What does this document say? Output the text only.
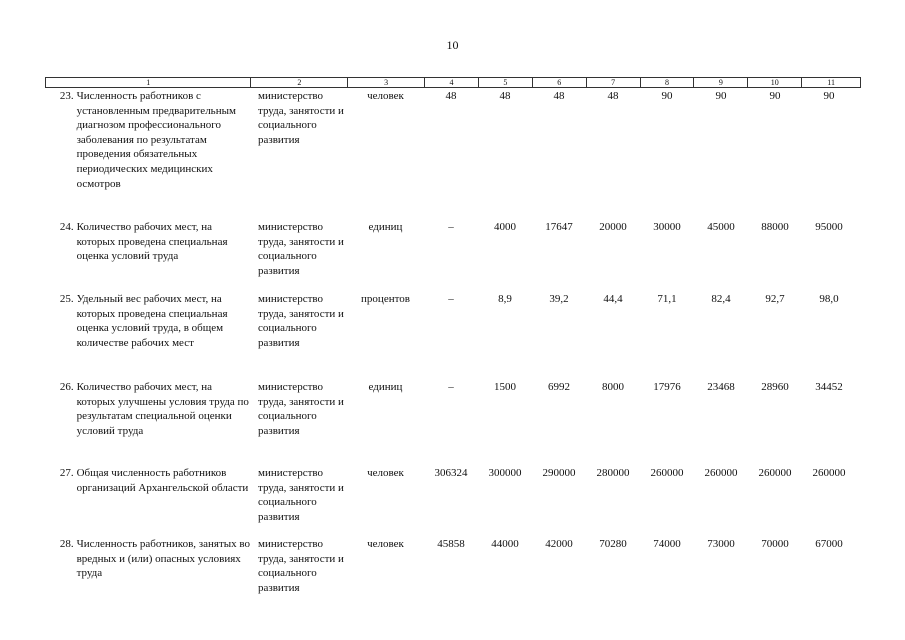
10
1	2	3	4	5	6	7	8	9	10	11
23. Численность работников с установленным предварительным диагнозом профессионального заболевания по результатам проведения обязательных периодических медицинских осмотров
министерство труда, занятости и социального развития
человек	48	48	48	48	90	90	90	90
24. Количество рабочих мест, на которых проведена специальная оценка условий труда
министерство труда, занятости и социального развития
единиц	–	4000	17647	20000	30000	45000	88000	95000
25. Удельный вес рабочих мест, на которых проведена специальная оценка условий труда, в общем количестве рабочих мест
министерство труда, занятости и социального развития
процентов	–	8,9	39,2	44,4	71,1	82,4	92,7	98,0
26. Количество рабочих мест, на которых улучшены условия труда по результатам специальной оценки условий труда
министерство труда, занятости и социального развития
единиц	–	1500	6992	8000	17976	23468	28960	34452
27. Общая численность работников организаций Архангельской области
министерство труда, занятости и социального развития
человек	306324	300000	290000	280000	260000	260000	260000	260000
28. Численность работников, занятых во вредных и (или) опасных условиях труда
министерство труда, занятости и социального развития
человек	45858	44000	42000	70280	74000	73000	70000	67000
